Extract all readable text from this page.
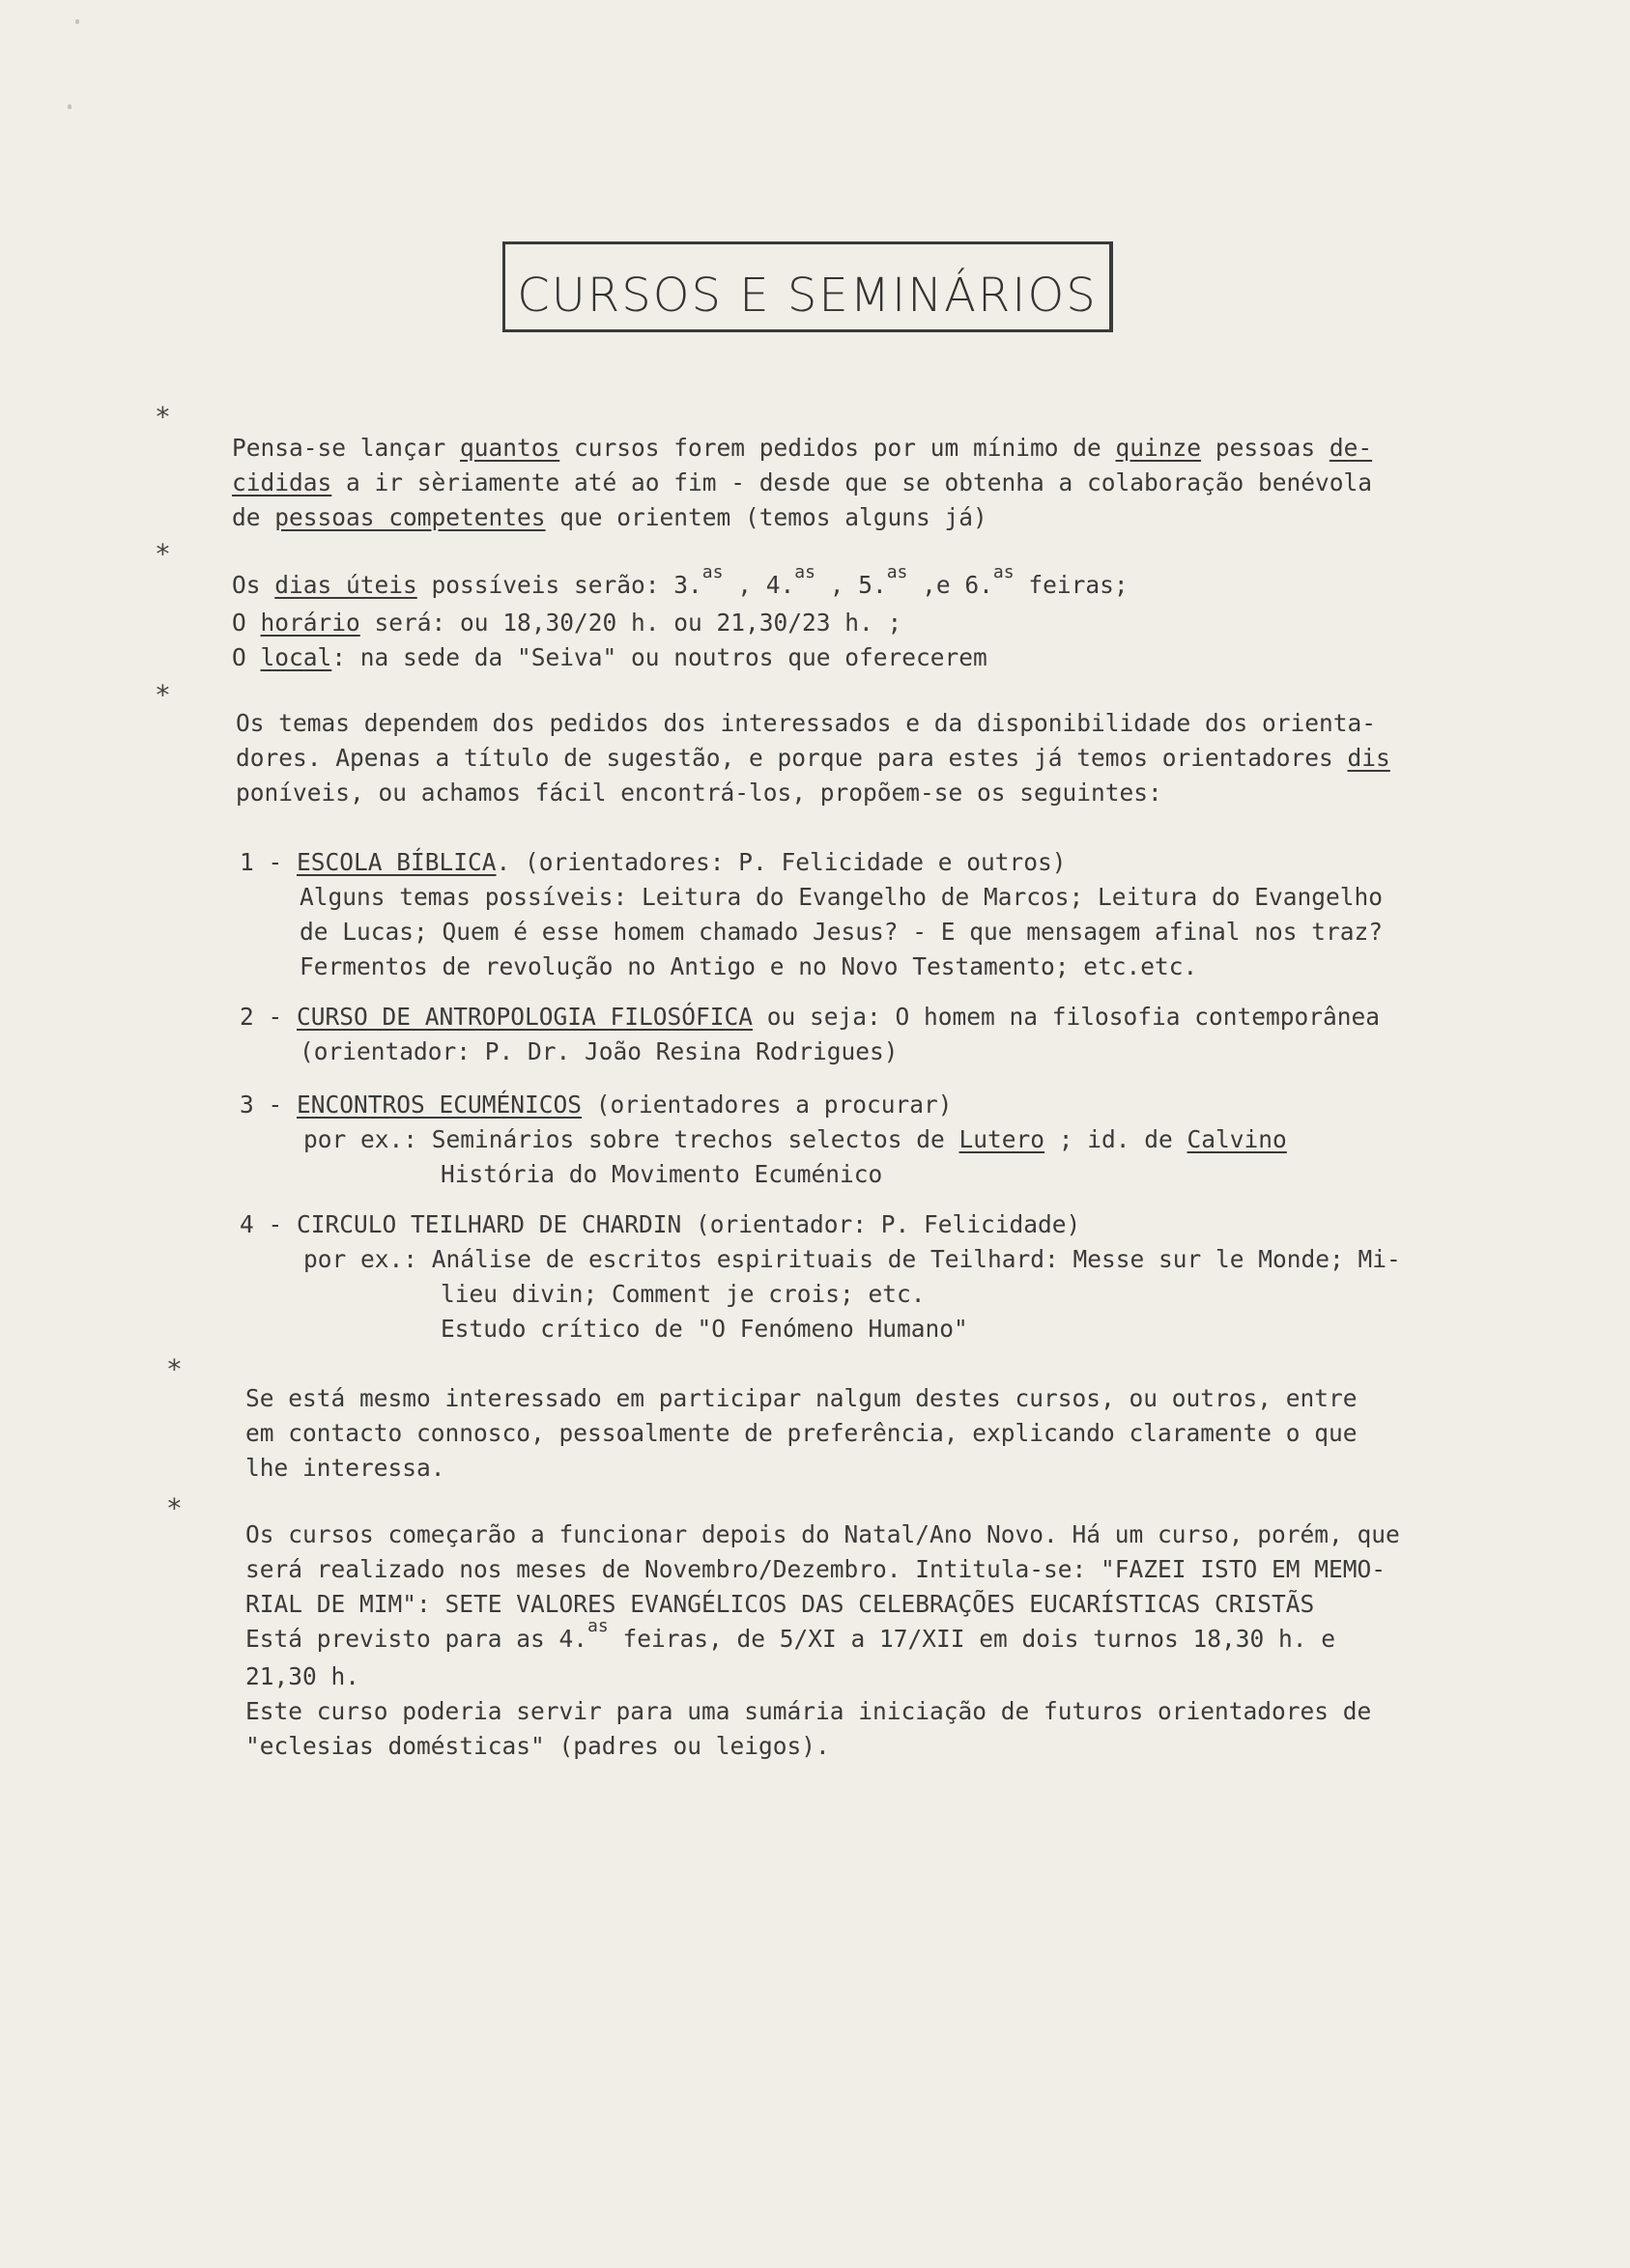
CURSOS E SEMINÁRIOS
*

Pensa-se lançar quantos cursos forem pedidos por um mínimo de quinze pessoas de-
cididas a ir sèriamente até ao fim - desde que se obtenha a colaboração benévola
de pessoas competentes que orientem (temos alguns já)

*

Os dias úteis possíveis serão: 3.$^{as}$ , 4.$^{as}$ , 5.$^{as}$ ,e 6.$^{as}$ feiras;
O horário será: ou 18,30/20 h. ou 21,30/23 h. ;
O local: na sede da "Seiva" ou noutros que oferecerem

*

Os temas dependem dos pedidos dos interessados e da disponibilidade dos orienta-
dores. Apenas a título de sugestão, e porque para estes já temos orientadores dis
poníveis, ou achamos fácil encontrá-los, propõem-se os seguintes:

1 - ESCOLA BÍBLICA. (orientadores: P. Felicidade e outros)
Alguns temas possíveis: Leitura do Evangelho de Marcos; Leitura do Evangelho
de Lucas; Quem é esse homem chamado Jesus? - E que mensagem afinal nos traz?
Fermentos de revolução no Antigo e no Novo Testamento; etc.etc.

2 - CURSO DE ANTROPOLOGIA FILOSÓFICA ou seja: O homem na filosofia contemporânea
(orientador: P. Dr. João Resina Rodrigues)

3 - ENCONTROS ECUMÉNICOS (orientadores a procurar)
por ex.: Seminários sobre trechos selectos de Lutero ; id. de Calvino
História do Movimento Ecuménico

4 - CIRCULO TEILHARD DE CHARDIN (orientador: P. Felicidade)
por ex.: Análise de escritos espirituais de Teilhard: Messe sur le Monde; Mi-
lieu divin; Comment je crois; etc.
Estudo crítico de "O Fenómeno Humano"

*

Se está mesmo interessado em participar nalgum destes cursos, ou outros, entre
em contacto connosco, pessoalmente de preferência, explicando claramente o que
lhe interessa.

*

Os cursos começarão a funcionar depois do Natal/Ano Novo. Há um curso, porém, que
será realizado nos meses de Novembro/Dezembro. Intitula-se: "FAZEI ISTO EM MEMO-
RIAL DE MIM": SETE VALORES EVANGÉLICOS DAS CELEBRAÇÕES EUCARÍSTICAS CRISTÃS
Está previsto para as 4.$^{as}$ feiras, de 5/XI a 17/XII em dois turnos 18,30 h. e
21,30 h.
Este curso poderia servir para uma sumária iniciação de futuros orientadores de
"eclesias domésticas" (padres ou leigos).
